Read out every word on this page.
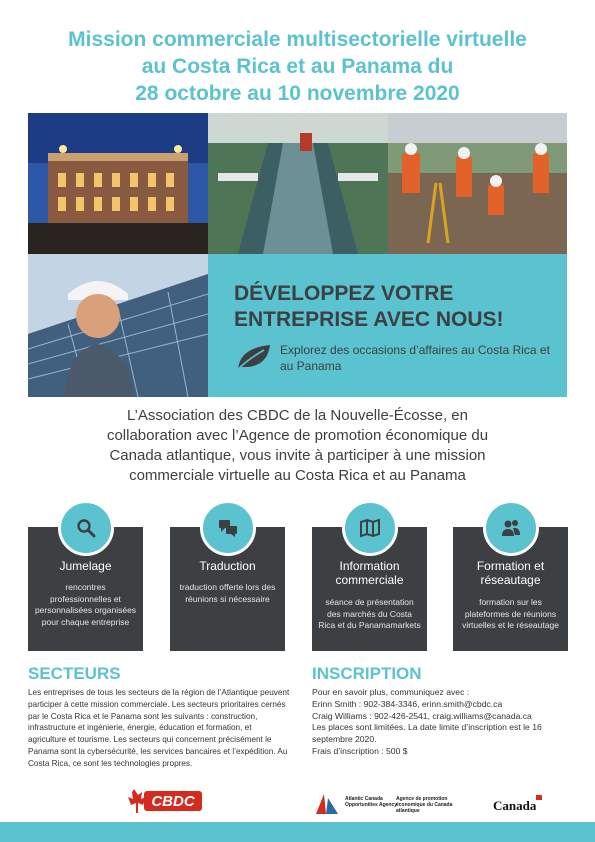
Mission commerciale multisectorielle virtuelle
au Costa Rica et au Panama du
28 octobre au 10 novembre 2020
DÉVELOPPEZ VOTRE
ENTREPRISE AVEC NOUS!
Explorez des occasions d’affaires au Costa Rica et au Panama
L’Association des CBDC de la Nouvelle-Écosse, en
collaboration avec l’Agence de promotion économique du
Canada atlantique, vous invite à participer à une mission
commerciale virtuelle au Costa Rica et au Panama
Jumelage
rencontres professionnelles et personnalisées organisées pour chaque entreprise
Traduction
traduction offerte lors des réunions si nécessaire
Information commerciale
séance de présentation des marchés du Costa Rica et du Panamamarkets
Formation et réseautage
formation sur les plateformes de réunions virtuelles et le réseautage
SECTEURS
Les entreprises de tous les secteurs de la région de l’Atlantique peuvent participer à cette mission commerciale. Les secteurs prioritaires cernés par le Costa Rica et le Panama sont les suivants : construction, infrastructure et ingénierie, énergie, éducation et formation, et agriculture et tourisme. Les secteurs qui concernent précisément le Panama sont la cybersécurité, les services bancaires et l’expédition. Au Costa Rica, ce sont les technologies propres.
INSCRIPTION
Pour en savoir plus, communiquez avec :
Erinn Smith : 902-384-3346, erinn.smith@cbdc.ca
Craig Williams : 902-426-2541, craig.williams@canada.ca
Les places sont limitées. La date limite d’inscription est le 16 septembre 2020.
Frais d’inscription : 500 $
CBDC	Atlantic Canada Opportunities Agency
Agence de promotion économique du Canada atlantique	Canada
